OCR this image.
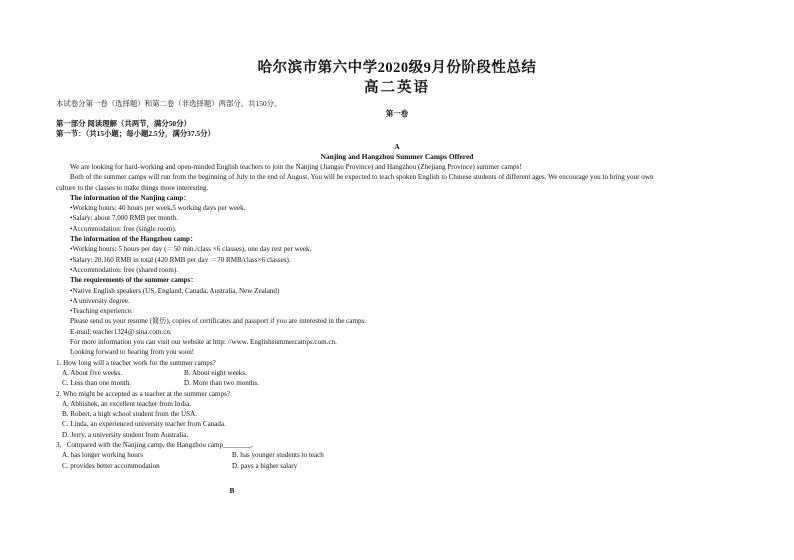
哈尔滨市第六中学2020级9月份阶段性总结
高二英语
本试卷分第一卷（选择题）和第二卷（非选择题）两部分。共150分。
第一卷
第一部分 阅读理解（共两节，满分50分）
第一节：（共15小题；每小题2.5分，满分37.5分）
A
Nanjing and Hangzhou Summer Camps Offered
We are looking for hard-working and open-minded English teachers to join the Nanjing (Jiangsu Province) and Hangzhou (Zhejiang Province) summer camps!
Both of the summer camps will run from the beginning of July to the end of August. You will be expected to teach spoken English to Chinese students of different ages. We encourage you to bring your own
culture to the classes to make things more interesting.
The information of the Nanjing camp：
•Working hours: 40 hours per week,5 working days per week.
•Salary: about 7,000 RMB per month.
•Accommodation: free (single room).
The information of the Hangzhou camp：
•Working hours: 5 hours per day (＝50 min./class ×6 classes), one day rest per week.
•Salary: 20,160 RMB in total (420 RMB per day ＝70 RMB/class×6 classes).
•Accommodation: free (shared room).
The requirements of the summer camps：
•Native English speakers (US, England, Canada, Australia, New Zealand)
•A university degree.
•Teaching experience.
Please send us your resume (简历), copies of certificates and passport if you are interested in the camps.
E-mail: teacher1324@ sina.com.cn.
For more information you can visit our website at http: //www. Englishsummercamps.com.cn.
Looking forward to hearing from you soon!
1. How long will a teacher work for the summer camps?
A. About five weeks.	B. About eight weeks.
C. Less than one month.	D. More than two months.
2. Who might be accepted as a teacher at the summer camps?
A. Abhishek, an excellent teacher from India.
B. Robert, a high school student from the USA.
C. Linda, an experienced university teacher from Canada.
D. Jerry, a university student from Australia.
3．Compared with the Nanjing camp, the Hangzhou camp________.
A. has longer working hours	B. has younger students to teach
C. provides better accommodation	D. pays a higher salary
B
